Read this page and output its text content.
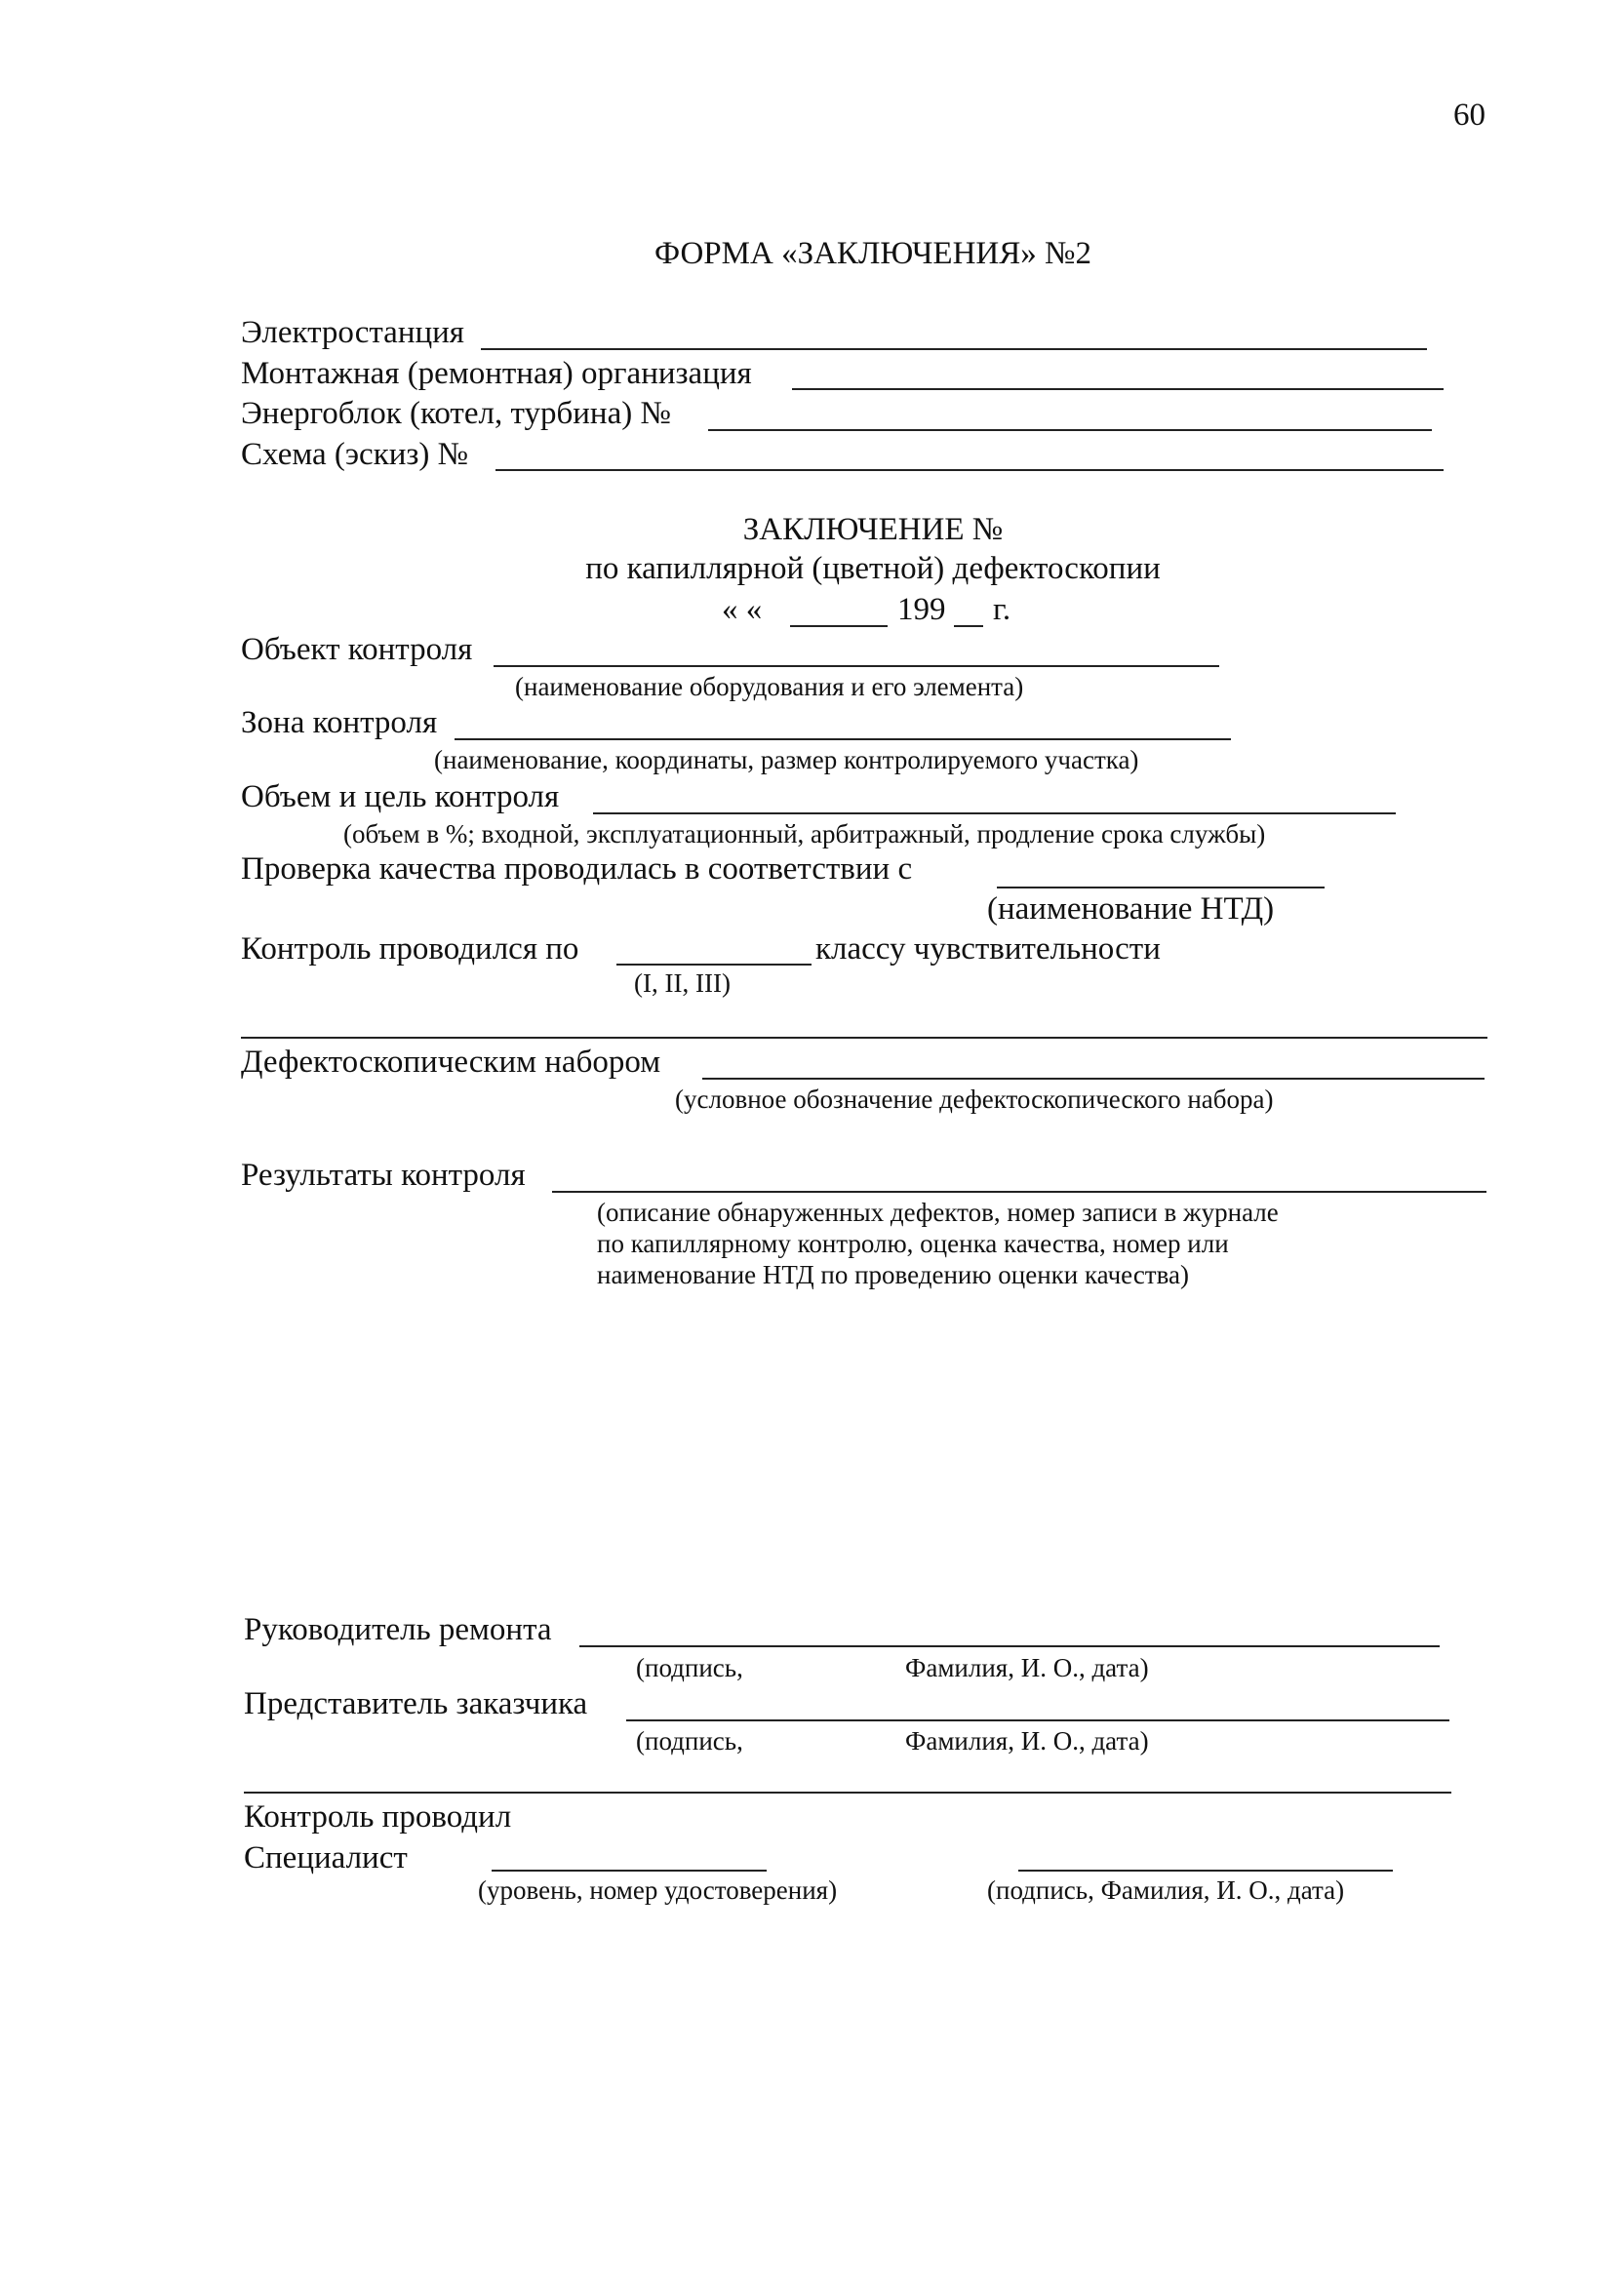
60
ФОРМА «ЗАКЛЮЧЕНИЯ» №2
Электростанция
Монтажная (ремонтная) организация
Энергоблок (котел, турбина) №
Схема (эскиз) №
ЗАКЛЮЧЕНИЕ №
по капиллярной (цветной) дефектоскопии
« «	199 г.
Объект контроля
(наименование оборудования и его элемента)
Зона контроля
(наименование, координаты, размер контролируемого участка)
Объем и цель контроля
(объем в %; входной, эксплуатационный, арбитражный, продление срока службы)
Проверка качества проводилась в соответствии с
(наименование НТД)
Контроль проводился по	классу чувствительности
(I, II, III)
Дефектоскопическим набором
(условное обозначение дефектоскопического набора)
Результаты контроля
(описание обнаруженных дефектов, номер записи в журнале
по капиллярному контролю, оценка качества, номер или
наименование НТД по проведению оценки качества)
Руководитель ремонта
(подпись,	Фамилия, И. О., дата)
Представитель заказчика
(подпись,	Фамилия, И. О., дата)
Контроль проводил
Специалист
(уровень, номер удостоверения)	(подпись, Фамилия, И. О., дата)
